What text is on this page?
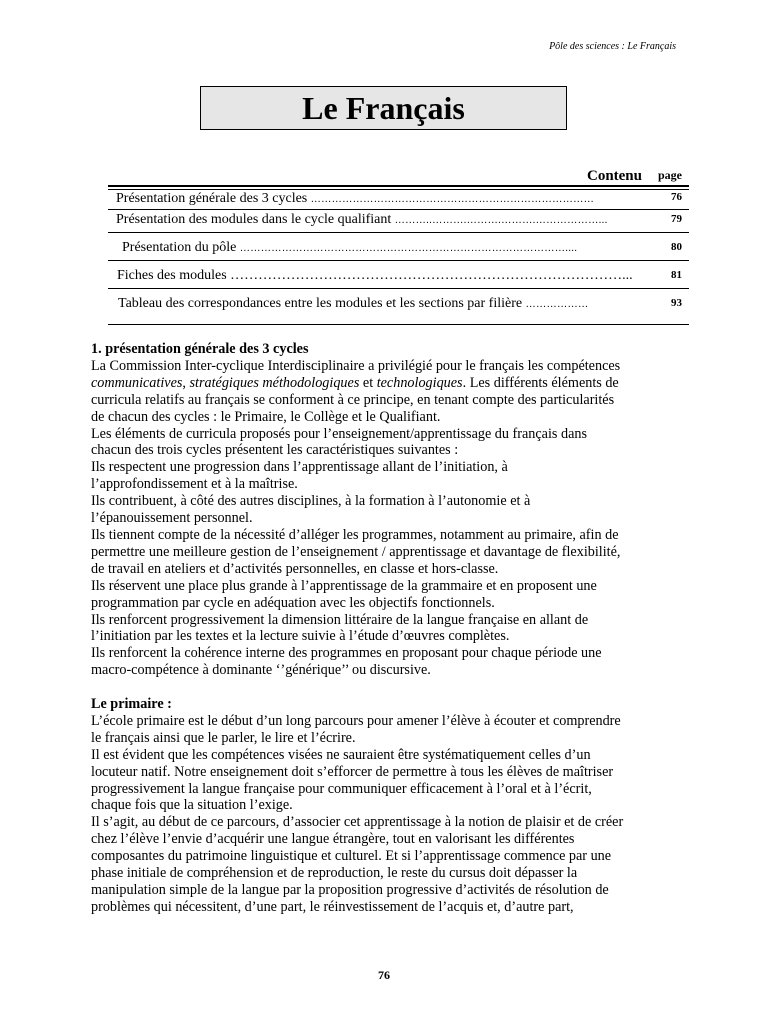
Pôle des sciences : Le Français
Le Français
Contenu page
Présentation générale des 3 cycles ………………………………………………………………………	76
Présentation des modules dans le cycle qualifiant ………..……….……….……….………………...	79
Présentation du pôle …………………………………………………………………………………....	80
Fiches des modules …………………………………………………………………………...	81
Tableau des correspondances entre les modules et les sections par filière ………………	93

1. présentation générale des 3 cycles

La Commission Inter-cyclique Interdisciplinaire a privilégié pour le français les compétences

communicatives, stratégiques méthodologiques et technologiques. Les différents éléments de

curricula relatifs au français se conforment à ce principe, en tenant compte des particularités

de chacun des cycles : le Primaire, le Collège et le Qualifiant.

Les éléments de curricula proposés pour l’enseignement/apprentissage du français dans

chacun des trois cycles présentent les caractéristiques suivantes :

Ils respectent une progression dans l’apprentissage allant de l’initiation, à

l’approfondissement et à la maîtrise.

Ils contribuent, à côté des autres disciplines, à la formation à l’autonomie et à

l’épanouissement personnel.

Ils tiennent compte de la nécessité d’alléger les programmes, notamment au primaire, afin de

permettre une meilleure gestion de l’enseignement / apprentissage et davantage de flexibilité,

de travail en ateliers et d’activités personnelles, en classe et hors-classe.

Ils réservent une place plus grande à l’apprentissage de la grammaire et en proposent une

programmation par cycle en adéquation avec les objectifs fonctionnels.

Ils renforcent progressivement la dimension littéraire de la langue française en allant de

l’initiation par les textes et la lecture suivie à l’étude d’œuvres complètes.

Ils renforcent la cohérence interne des programmes en proposant pour chaque période une

macro-compétence à dominante ‘’générique’’ ou discursive.

Le primaire :

L’école primaire est le début d’un long parcours pour amener l’élève à écouter et comprendre

le français ainsi que le parler, le lire et l’écrire.

Il est évident que les compétences visées ne sauraient être systématiquement celles d’un

locuteur natif. Notre enseignement doit s’efforcer de permettre à tous les élèves de maîtriser

progressivement la langue française pour communiquer efficacement à l’oral et à l’écrit,

chaque fois que la situation l’exige.

Il s’agit, au début de ce parcours, d’associer cet apprentissage à la notion de plaisir et de créer

chez l’élève l’envie d’acquérir une langue étrangère, tout en valorisant les différentes

composantes du patrimoine linguistique et culturel. Et si l’apprentissage commence par une

phase initiale de compréhension et de reproduction, le reste du cursus doit dépasser la

manipulation simple de la langue par la proposition progressive d’activités de résolution de

problèmes qui nécessitent, d’une part, le réinvestissement de l’acquis et, d’autre part,

76
